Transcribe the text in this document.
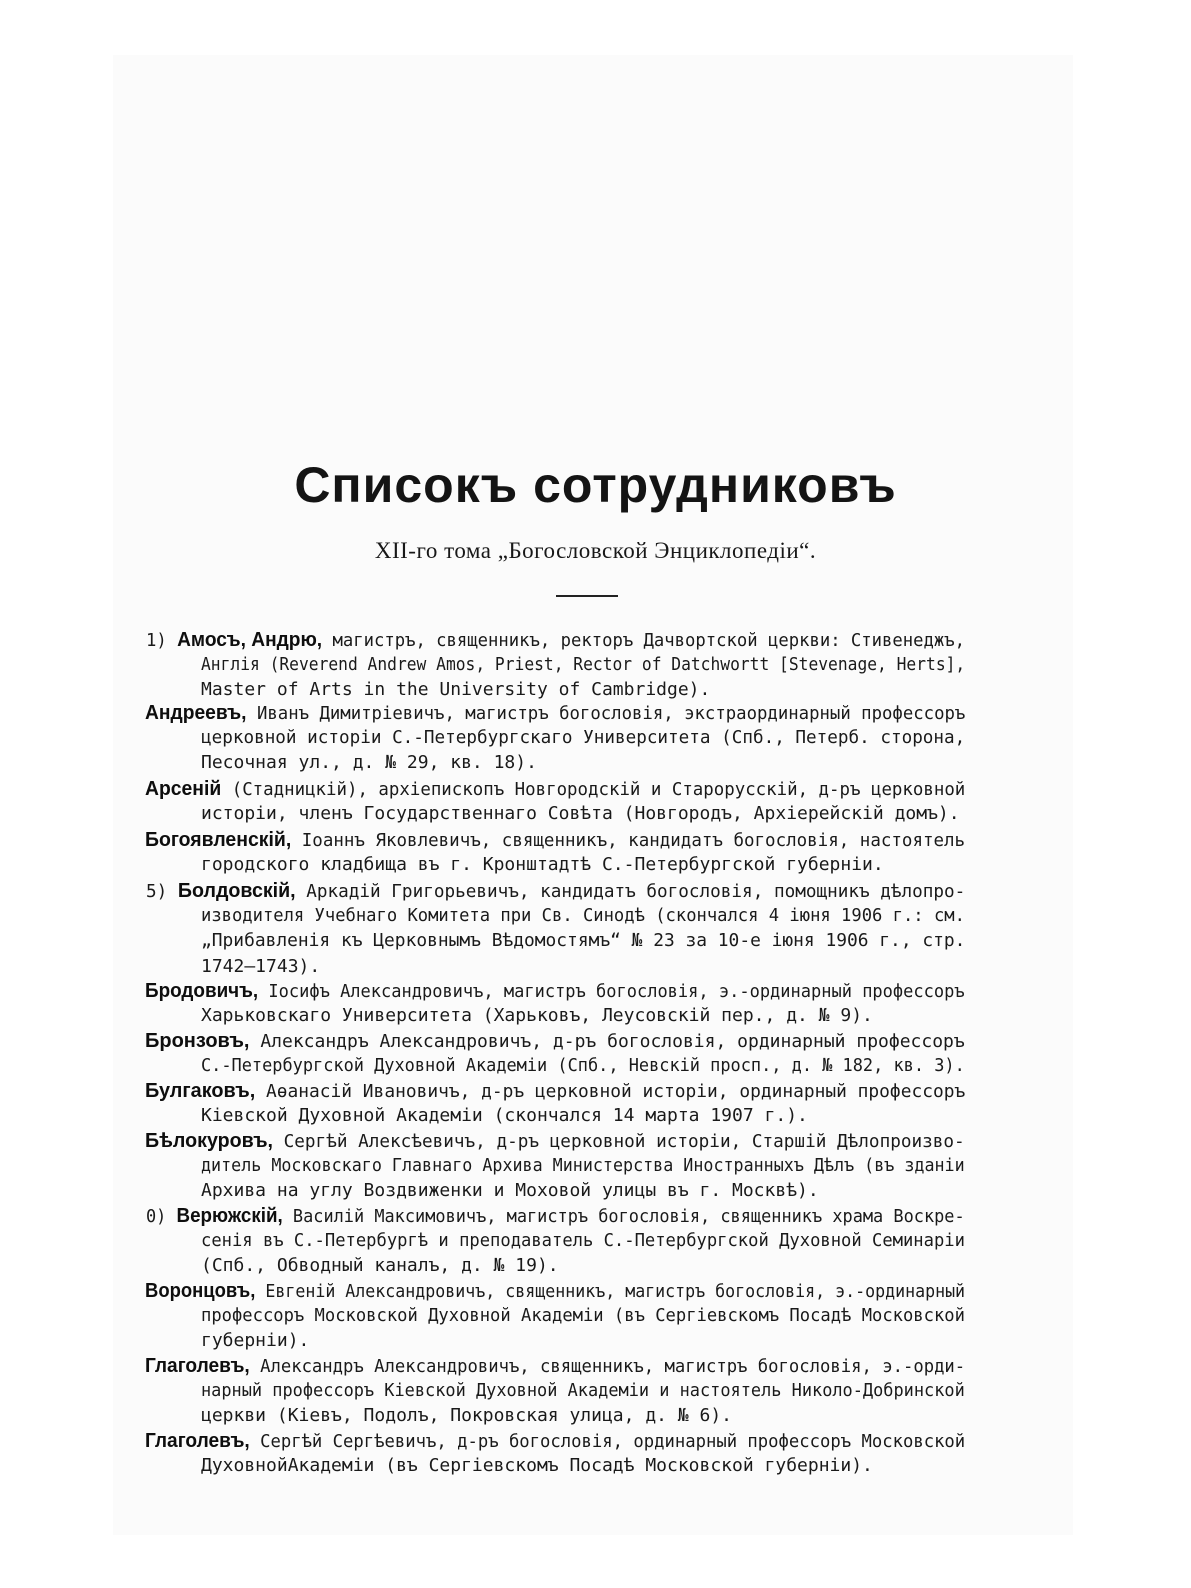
Списокъ сотрудниковъ

XII-го тома „Богословской Энциклопедіи“.

1) Амосъ, Андрю, магистръ, священникъ, ректоръ Дачвортской церкви: Стивенеджъ,
Англія (Reverend Andrew Amos, Priest, Rector of Datchwortt [Stevenage, Herts],
Master of Arts in the University of Cambridge).
Андреевъ, Иванъ Димитріевичъ, магистръ богословія, экстраординарный профессоръ
церковной исторіи С.-Петербургскаго Университета (Спб., Петерб. сторона,
Песочная ул., д. № 29, кв. 18).
Арсеній (Стадницкій), архіепископъ Новгородскій и Старорусскій, д-ръ церковной
исторіи, членъ Государственнаго Совѣта (Новгородъ, Архіерейскій домъ).
Богоявленскій, Іоаннъ Яковлевичъ, священникъ, кандидатъ богословія, настоятель
городского кладбища въ г. Кронштадтѣ С.-Петербургской губерніи.
5) Болдовскій, Аркадій Григорьевичъ, кандидатъ богословія, помощникъ дѣлопро-
изводителя Учебнаго Комитета при Св. Синодѣ (скончался 4 іюня 1906 г.: см.
„Прибавленія къ Церковнымъ Вѣдомостямъ“ № 23 за 10-е іюня 1906 г., стр.
1742—1743).
Бродовичъ, Іосифъ Александровичъ, магистръ богословія, э.-ординарный профессоръ
Харьковскаго Университета (Харьковъ, Леусовскій пер., д. № 9).
Бронзовъ, Александръ Александровичъ, д-ръ богословія, ординарный профессоръ
С.-Петербургской Духовной Академіи (Спб., Невскій просп., д. № 182, кв. 3).
Булгаковъ, Аѳанасій Ивановичъ, д-ръ церковной исторіи, ординарный профессоръ
Кіевской Духовной Академіи (скончался 14 марта 1907 г.).
Бѣлокуровъ, Сергѣй Алексѣевичъ, д-ръ церковной исторіи, Старшій Дѣлопроизво-
дитель Московскаго Главнаго Архива Министерства Иностранныхъ Дѣлъ (въ зданіи
Архива на углу Воздвиженки и Моховой улицы въ г. Москвѣ).
0) Верюжскій, Василій Максимовичъ, магистръ богословія, священникъ храма Воскре-
сенія въ С.-Петербургѣ и преподаватель С.-Петербургской Духовной Семинаріи
(Спб., Обводный каналъ, д. № 19).
Воронцовъ, Евгеній Александровичъ, священникъ, магистръ богословія, э.-ординарный
профессоръ Московской Духовной Академіи (въ Сергіевскомъ Посадѣ Московской
губерніи).
Глаголевъ, Александръ Александровичъ, священникъ, магистръ богословія, э.-орди-
нарный профессоръ Кіевской Духовной Академіи и настоятель Николо-Добринской
церкви (Кіевъ, Подолъ, Покровская улица, д. № 6).
Глаголевъ, Сергѣй Сергѣевичъ, д-ръ богословія, ординарный профессоръ Московской
ДуховнойАкадеміи (въ Сергіевскомъ Посадѣ Московской губерніи).
